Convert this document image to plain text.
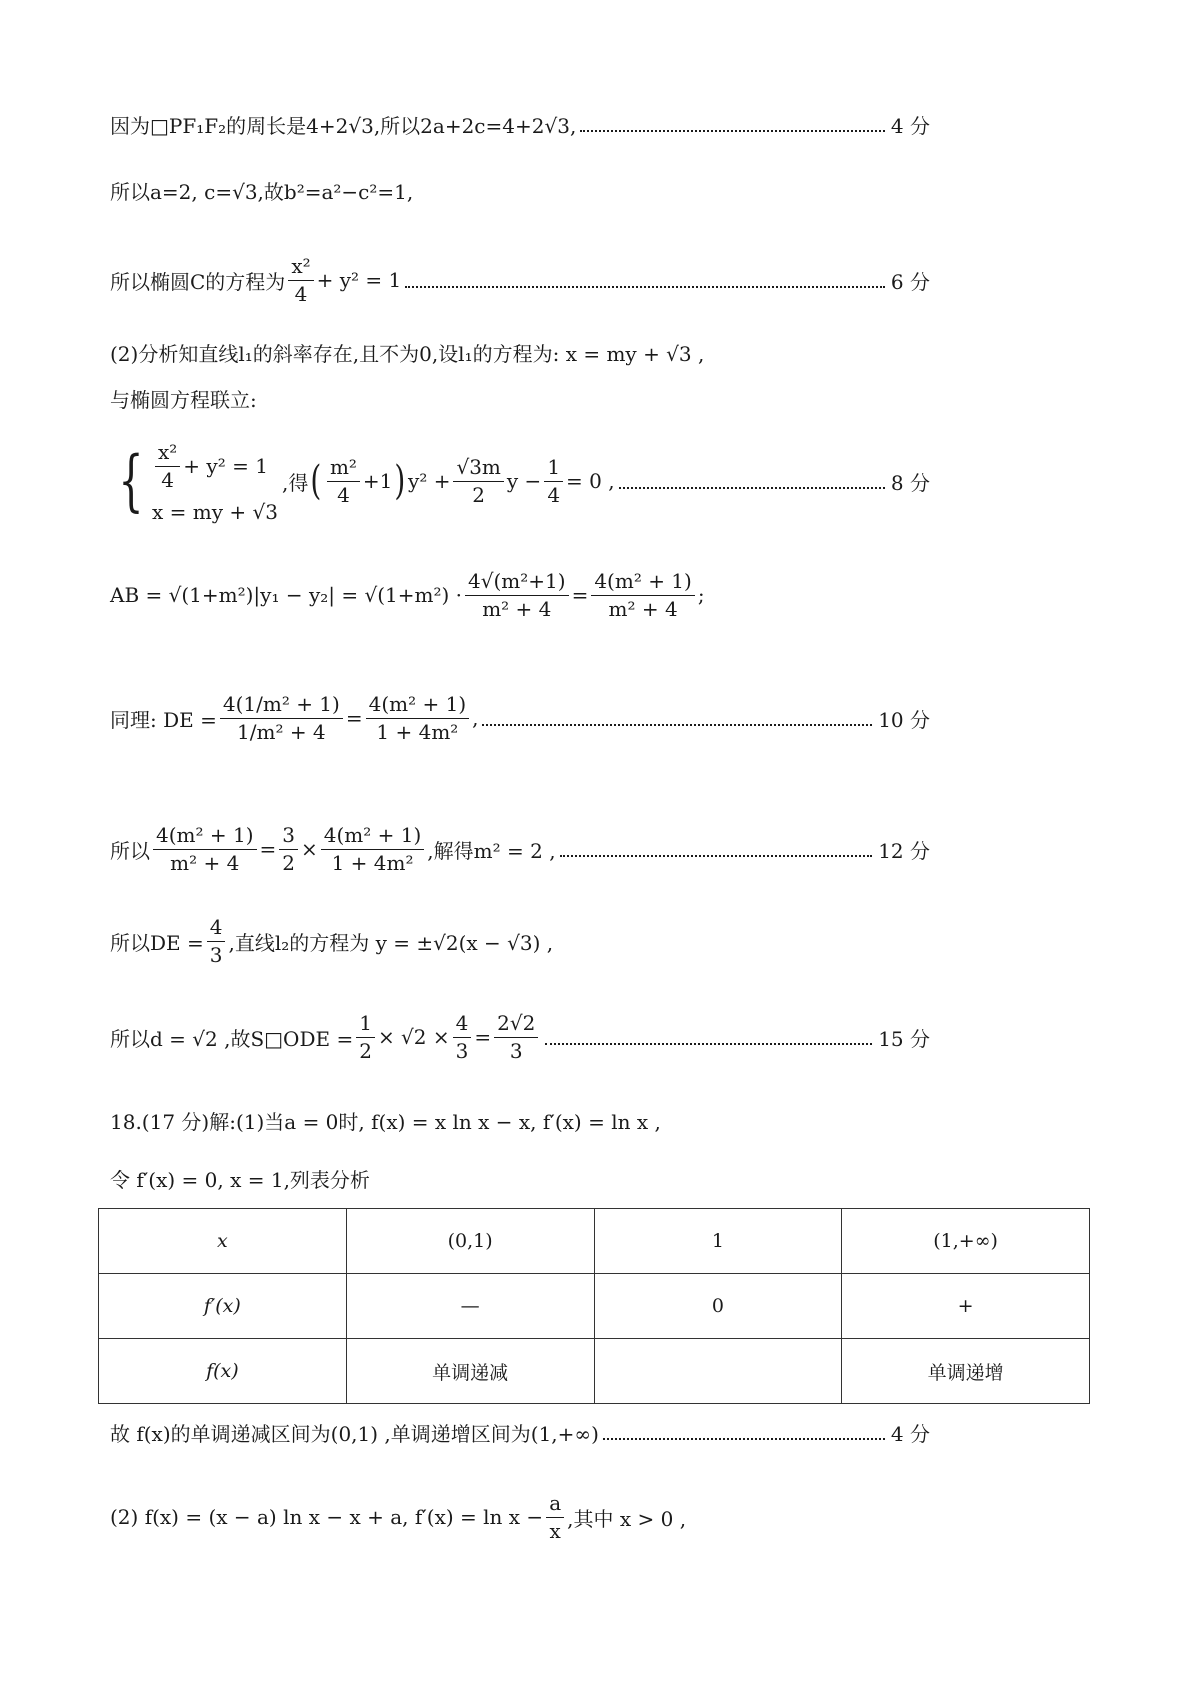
因为□PF₁F₂的周长是4+2√3,所以2a+2c=4+2√3,	4 分
所以a=2, c=√3,故b²=a²−c²=1,
所以椭圆C的方程为 $\frac{\text{x²}}{4} + y^2 = 1$	6 分
(2)分析知直线l₁的斜率存在,且不为0,设l₁的方程为: x = my + √3 ,
与椭圆方程联立:
{ $\frac{\text{x²}}{4} + y^2 = 1$
x = my + √3
,得 ( $\frac{\text{m²}}{4} +1$ ) $y^2 + \frac{√3m}{2}$ $y - \frac{1}{4} = 0$ ,	8 分
AB = $√(1+m^2)|y_1 - y_2| = √(1+m^2) \cdot \frac{\text{4√(m²+1)}}{\text{m² + 4}} = \frac{\text{4(m² + 1)}}{\text{m² + 4}}$ ;
同理: DE = $\frac{\text{4(1/m² + 1)}}{\text{1/m² + 4}} = \frac{\text{4(m² + 1)}}{\text{1 + 4m²}}$ ,	10 分
所以 $\frac{\text{4(m² + 1)}}{\text{m² + 4}} = \frac{3}{2} \times \frac{\text{4(m² + 1)}}{\text{1 + 4m²}}$ ,解得m² = 2 ,	12 分
所以DE = $\frac{4}{3}$ ,直线l₂的方程为 y = ±√2(x − √3) ,
所以d = √2 ,故S□ODE = $\frac{1}{2} \times √2 \times \frac{4}{3} = \frac{2√2}{3}$	15 分
18.(17 分)解:(1)当a = 0时, f(x) = x ln x − x, f′(x) = ln x ,
令 f′(x) = 0, x = 1,列表分析
x	(0,1)	1	(1,+∞)
f′(x)	—	0	+
f(x)	单调递减		单调递增
故 f(x)的单调递减区间为(0,1) ,单调递增区间为(1,+∞)	4 分
(2) f(x) = (x − a) ln x − x + a, $f'(x) = \ln x - \frac{a}{x}$ ,其中 x > 0 ,
